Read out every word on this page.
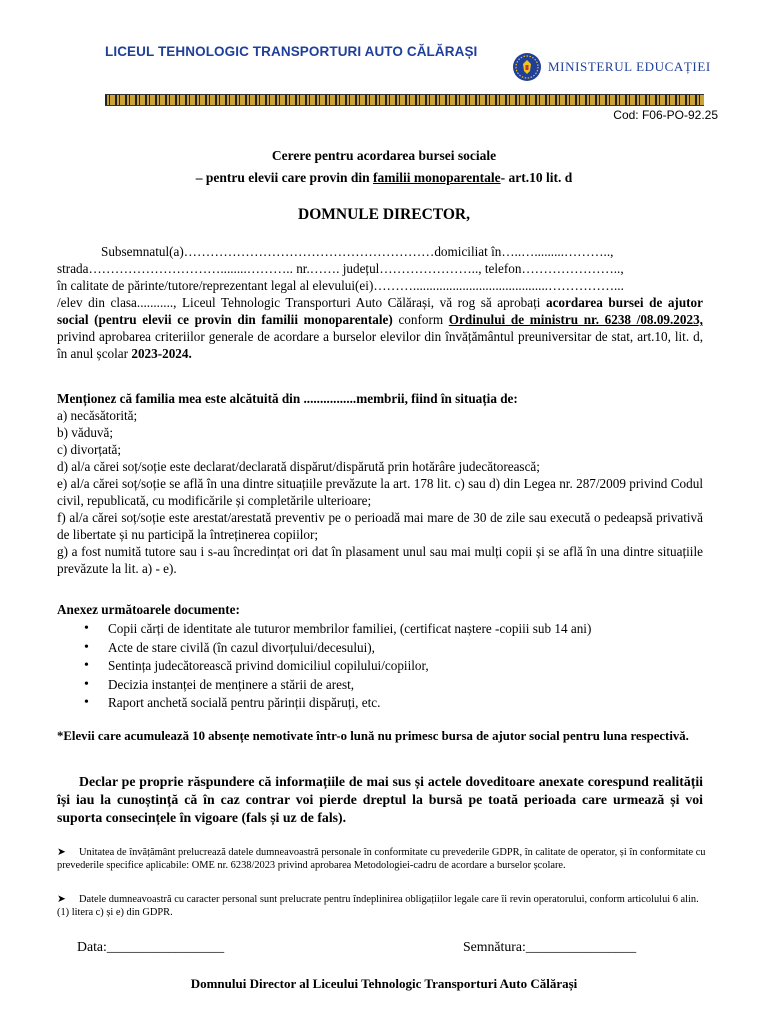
LICEUL TEHNOLOGIC TRANSPORTURI AUTO CĂLĂRAȘI
MINISTERUL EDUCAȚIEI
Cod: F06-PO-92.25
Cerere pentru acordarea bursei sociale
– pentru elevii care provin din familii monoparentale- art.10 lit. d
DOMNULE DIRECTOR,
Subsemnatul(a)…………………………………………………domiciliat în…..….........………..,
strada…………………………........……….. nr.……. județul………………….., telefon…………………..,
în calitate de părinte/tutore/reprezentant legal al elevului(ei)……….........................................……………...
/elev din clasa..........., Liceul Tehnologic Transporturi Auto Călărași, vă rog să aprobați acordarea bursei de ajutor social (pentru elevii ce provin din familii monoparentale) conform Ordinului de ministru nr. 6238 /08.09.2023, privind aprobarea criteriilor generale de acordare a burselor elevilor din învățământul preuniversitar de stat, art.10, lit. d, în anul școlar 2023-2024.
Menționez că familia mea este alcătuită din ................membrii, fiind în situația de:
a) necăsătorită;
b) văduvă;
c) divorțată;
d) al/a cărei soț/soție este declarat/declarată dispărut/dispărută prin hotărâre judecătorească;
e) al/a cărei soț/soție se află în una dintre situațiile prevăzute la art. 178 lit. c) sau d) din Legea nr. 287/2009 privind Codul civil, republicată, cu modificările și completările ulterioare;
f) al/a cărei soț/soție este arestat/arestată preventiv pe o perioadă mai mare de 30 de zile sau execută o pedeapsă privativă de libertate și nu participă la întreținerea copiilor;
g) a fost numită tutore sau i s-au încredințat ori dat în plasament unul sau mai mulți copii și se află în una dintre situațiile prevăzute la lit. a) - e).
Anexez următoarele documente:
• Copii cărți de identitate ale tuturor membrilor familiei, (certificat naștere -copiii sub 14 ani)
• Acte de stare civilă (în cazul divorțului/decesului),
• Sentința judecătorească privind domiciliul copilului/copiilor,
• Decizia instanței de menținere a stării de arest,
• Raport anchetă socială pentru părinții dispăruți, etc.
*Elevii care acumulează 10 absențe nemotivate într-o lună nu primesc bursa de ajutor social pentru luna respectivă.
Declar pe proprie răspundere că informațiile de mai sus și actele doveditoare anexate corespund realității își iau la cunoștință că în caz contrar voi pierde dreptul la bursă pe toată perioada care urmează și voi suporta consecințele în vigoare (fals și uz de fals).
➤ Unitatea de învățământ prelucrează datele dumneavoastră personale în conformitate cu prevederile GDPR, în calitate de operator, și în conformitate cu prevederile specifice aplicabile: OME nr. 6238/2023 privind aprobarea Metodologiei-cadru de acordare a burselor școlare.
➤ Datele dumneavoastră cu caracter personal sunt prelucrate pentru îndeplinirea obligațiilor legale care îi revin operatorului, conform articolului 6 alin. (1) litera c) și e) din GDPR.
Data:_________________	Semnătura:________________
Domnului Director al Liceului Tehnologic Transporturi Auto Călărași
